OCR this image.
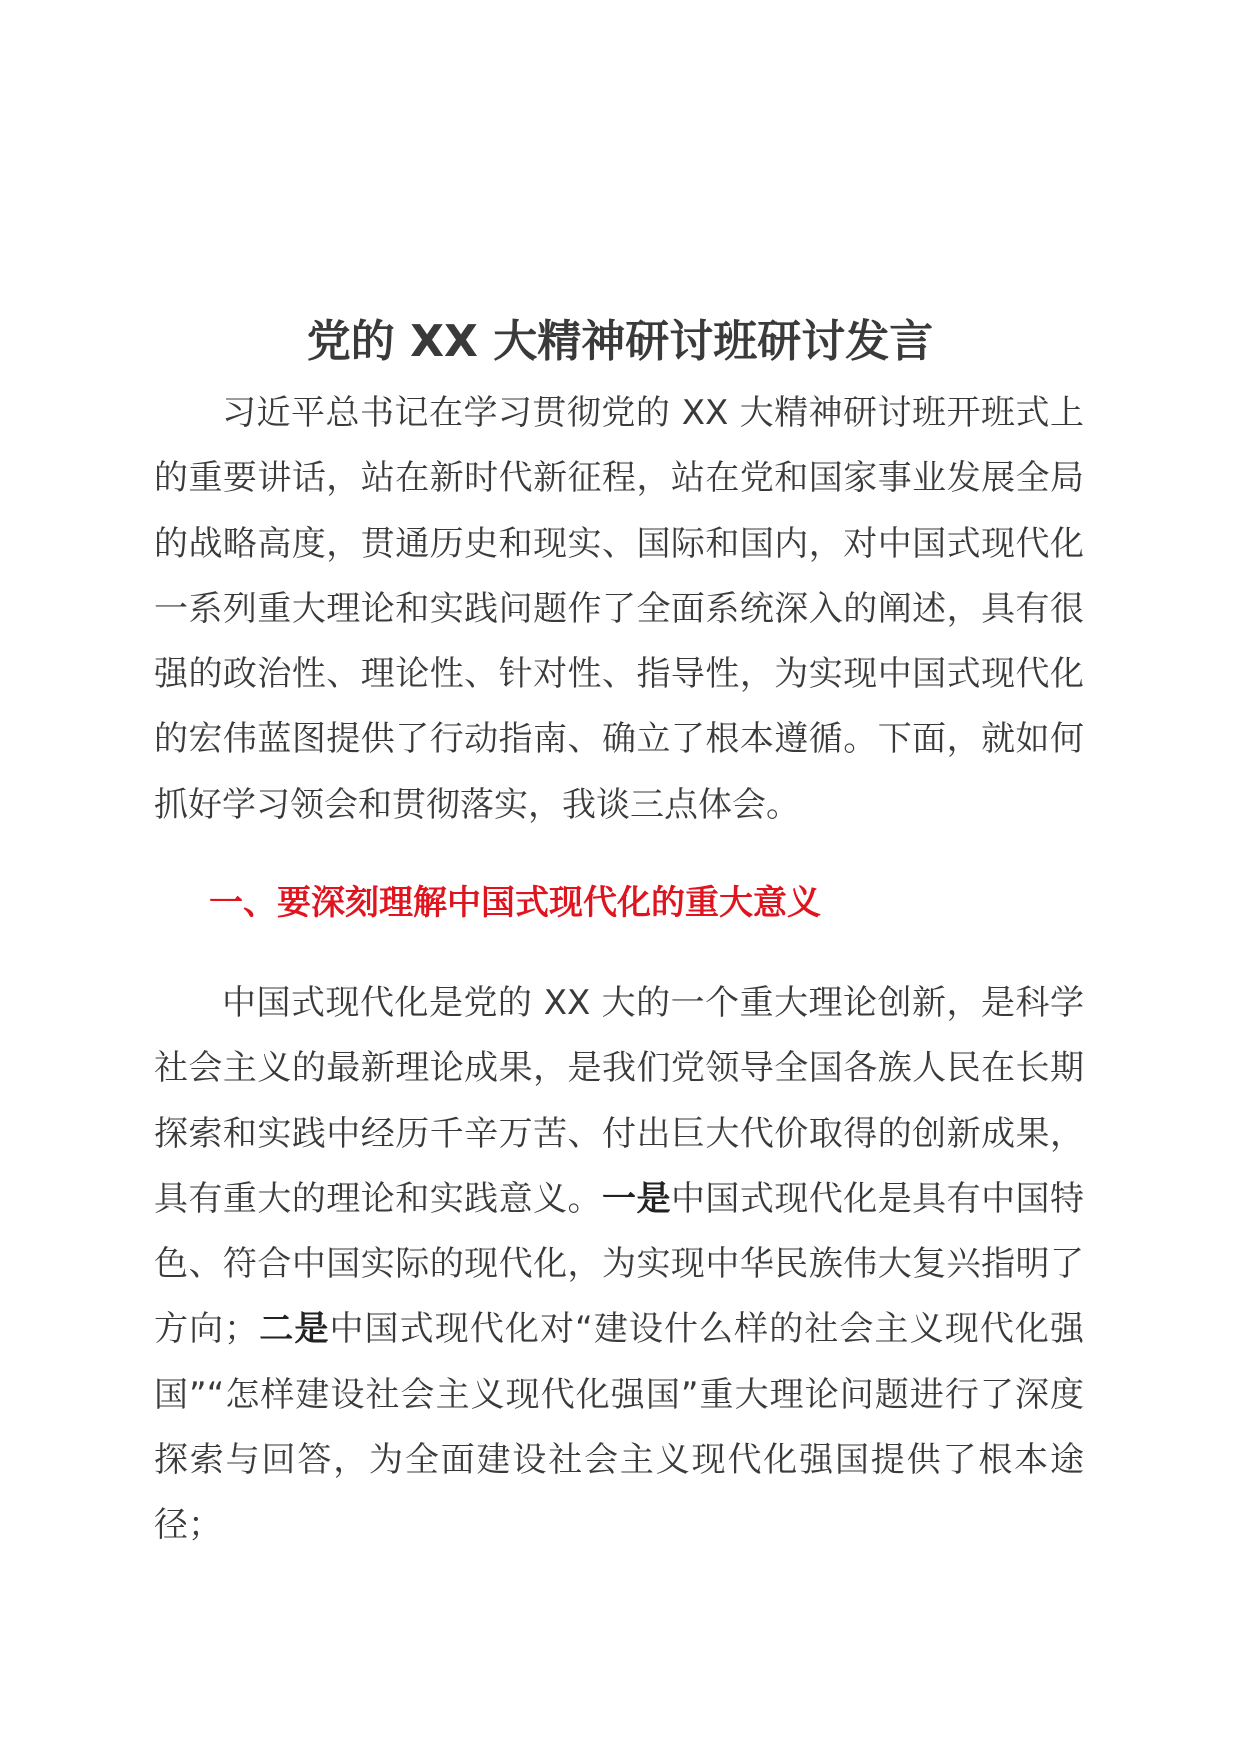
党的 XX 大精神研讨班研讨发言

习近平总书记在学习贯彻党的 XX 大精神研讨班开班式上的重要讲话，站在新时代新征程，站在党和国家事业发展全局的战略高度，贯通历史和现实、国际和国内，对中国式现代化一系列重大理论和实践问题作了全面系统深入的阐述，具有很强的政治性、理论性、针对性、指导性，为实现中国式现代化的宏伟蓝图提供了行动指南、确立了根本遵循。下面，就如何抓好学习领会和贯彻落实，我谈三点体会。

一、要深刻理解中国式现代化的重大意义

中国式现代化是党的 XX 大的一个重大理论创新，是科学社会主义的最新理论成果，是我们党领导全国各族人民在长期探索和实践中经历千辛万苦、付出巨大代价取得的创新成果，具有重大的理论和实践意义。一是中国式现代化是具有中国特色、符合中国实际的现代化，为实现中华民族伟大复兴指明了方向；二是中国式现代化对“建设什么样的社会主义现代化强国”“怎样建设社会主义现代化强国”重大理论问题进行了深度探索与回答，为全面建设社会主义现代化强国提供了根本途径；
